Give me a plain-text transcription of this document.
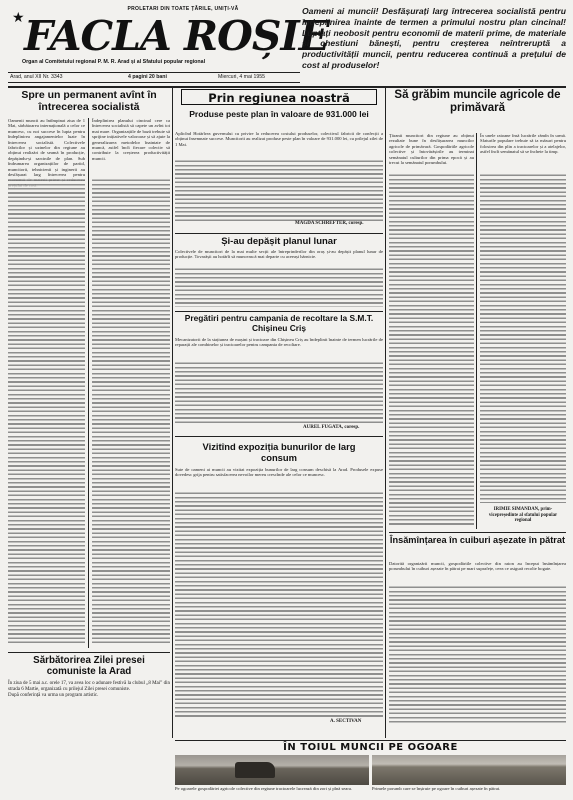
PROLETARI DIN TOATE ȚĂRILE, UNIȚI-VĂ
★ FACLA ROȘIE
Organ al Comitetului regional P. M. R. Arad și al Sfatului popular regional
Arad, anul XII Nr. 3343	4 pagini 20 bani	Miercuri, 4 mai 1955
Oameni ai muncii! Desfășurați larg întrecerea socialistă pentru îndeplinirea înainte de termen a primului nostru plan cincinal! Luptați neobosit pentru economii de materii prime, de materiale și chestiuni bănești, pentru creșterea neîntreruptă a productivității muncii, pentru reducerea continuă a prețului de cost al produselor!
Spre un permanent avînt în întrecerea socialistă
Oamenii muncii au întîmpinat ziua de 1 Mai, sărbătoarea internațională a celor ce muncesc, cu noi succese în lupta pentru îndeplinirea angajamentelor luate în întrecerea socialistă. Colectivele fabricilor și uzinelor din regiune au obținut realizări de seamă în producție, depășindu-și sarcinile de plan. Sub îndrumarea organizațiilor de partid, muncitorii, tehnicienii și inginerii au desfășurat larg întrecerea pentru
Îndeplinirea planului cincinal cere ca întrecerea socialistă să capete un avînt tot mai mare. Organizațiile de bază trebuie să sprijine inițiativele valoroase și să ajute la generalizarea metodelor înaintate de muncă, astfel încît fiecare colectiv să contribuie la creșterea productivității muncii.
Sărbătorirea Zilei presei comuniste la Arad
În ziua de 5 mai a.c. orele 17, va avea loc o adunare festivă la clubul „8 Mai” din strada 6 Martie, organizată cu prilejul Zilei presei comuniste.
După conferință va urma un program artistic.
Prin regiunea noastră
Produse peste plan în valoare de 931.000 lei
Aplicînd Hotărîrea guvernului cu privire la reducerea costului produselor, colectivul fabricii de confecții a obținut însemnate succese. Muncitorii au realizat produse peste plan în valoare de 931.000 lei, cu prilejul zilei de 1 Mai.
MAGDA SCHREFTER, coresp.
Și-au depășit planul lunar
Colectivele de muncitori de la mai multe secții ale întreprinderilor din oraș și-au depășit planul lunar de producție. Tovarășii au hotărît să muncească mai departe cu aceeași hărnicie.
Pregătiri pentru campania de recoltare la S.M.T. Chișineu Criș
Mecanizatorii de la stațiunea de mașini și tractoare din Chișineu Criș au îndeplinit înainte de termen lucrările de reparații ale combinelor și tractoarelor pentru campania de recoltare.
AUREL FUGATA, coresp.
Vizitînd expoziția bunurilor de larg consum
Sute de oameni ai muncii au vizitat expoziția bunurilor de larg consum deschisă la Arad. Produsele expuse dovedesc grija pentru satisfacerea nevoilor mereu crescînde ale celor ce muncesc.
A. SECTIVAN
Să grăbim muncile agricole de primăvară
Țăranii muncitori din regiune au obținut rezultate bune în desfășurarea muncilor agricole de primăvară. Gospodăriile agricole colective și întovărășirile au terminat semănatul culturilor din prima epocă și au trecut la semănatul porumbului.
În unele raioane însă lucrările rămîn în urmă. Sfaturile populare trebuie să ia măsuri pentru folosirea din plin a tractoarelor și a atelajelor, astfel încît semănatul să se încheie la timp.
IRIMIE SIMANDAN, prim-vicepreședinte al sfatului popular regional
Însămînțarea în cuiburi așezate în pătrat
Datorită organizării muncii, gospodăriile colective din raion au început însămînțarea porumbului în cuiburi așezate în pătrat pe mari suprafețe, ceea ce asigură recolte bogate.
ÎN TOIUL MUNCII PE OGOARE
Pe ogoarele gospodăriei agricole colective din regiune tractoarele lucrează din zori și pînă seara.	Primele porumb care se înșiruie pe ogoare în cuiburi așezate în pătrat.
